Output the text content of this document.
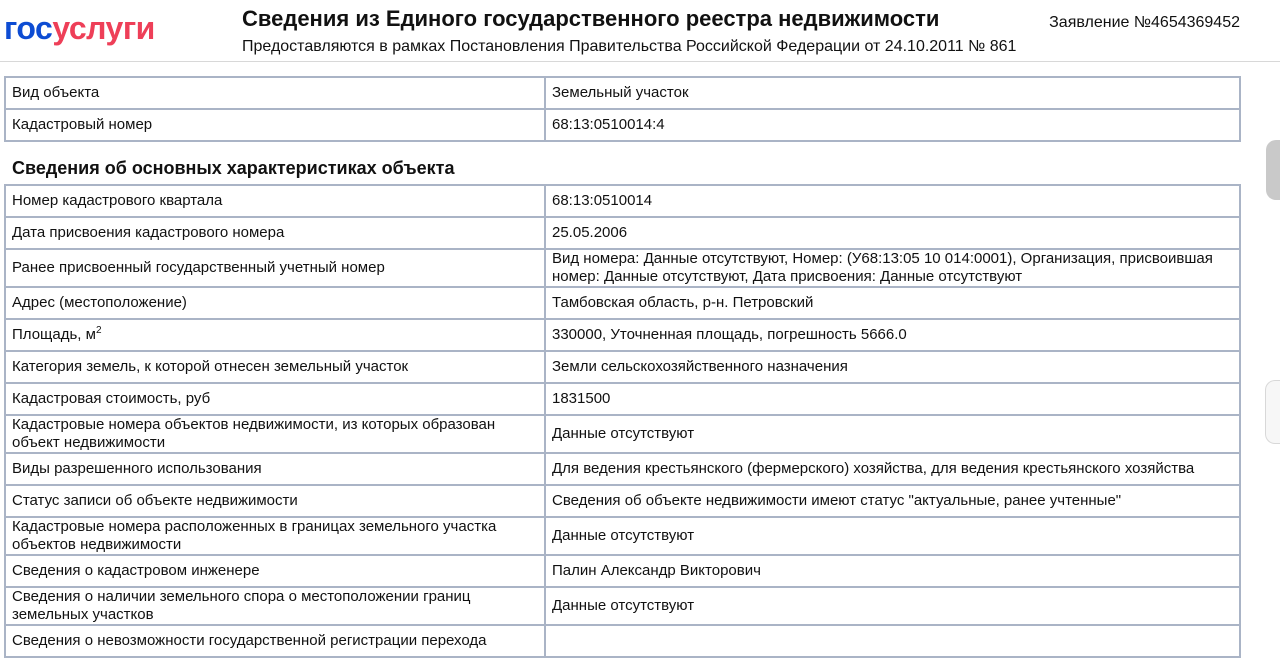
госуслуги	Сведения из Единого государственного реестра недвижимости
Предоставляются в рамках Постановления Правительства Российской Федерации от 24.10.2011 № 861
Заявление №4654369452
Вид объекта	Земельный участок
Кадастровый номер	68:13:0510014:4
Сведения об основных характеристиках объекта
Номер кадастрового квартала	68:13:0510014
Дата присвоения кадастрового номера	25.05.2006
Ранее присвоенный государственный учетный номер	Вид номера: Данные отсутствуют, Номер: (У68:13:05 10 014:0001), Организация, присвоившая номер: Данные отсутствуют, Дата присвоения: Данные отсутствуют
Адрес (местоположение)	Тамбовская область, р-н. Петровский
Площадь, $м^2$	330000, Уточненная площадь, погрешность 5666.0
Категория земель, к которой отнесен земельный участок	Земли сельскохозяйственного назначения
Кадастровая стоимость, руб	1831500
Кадастровые номера объектов недвижимости, из которых образован объект недвижимости	Данные отсутствуют
Виды разрешенного использования	Для ведения крестьянского (фермерского) хозяйства, для ведения крестьянского хозяйства
Статус записи об объекте недвижимости	Сведения об объекте недвижимости имеют статус "актуальные, ранее учтенные"
Кадастровые номера расположенных в границах земельного участка объектов недвижимости	Данные отсутствуют
Сведения о кадастровом инженере	Палин Александр Викторович
Сведения о наличии земельного спора о местоположении границ земельных участков	Данные отсутствуют
Сведения о невозможности государственной регистрации перехода	
